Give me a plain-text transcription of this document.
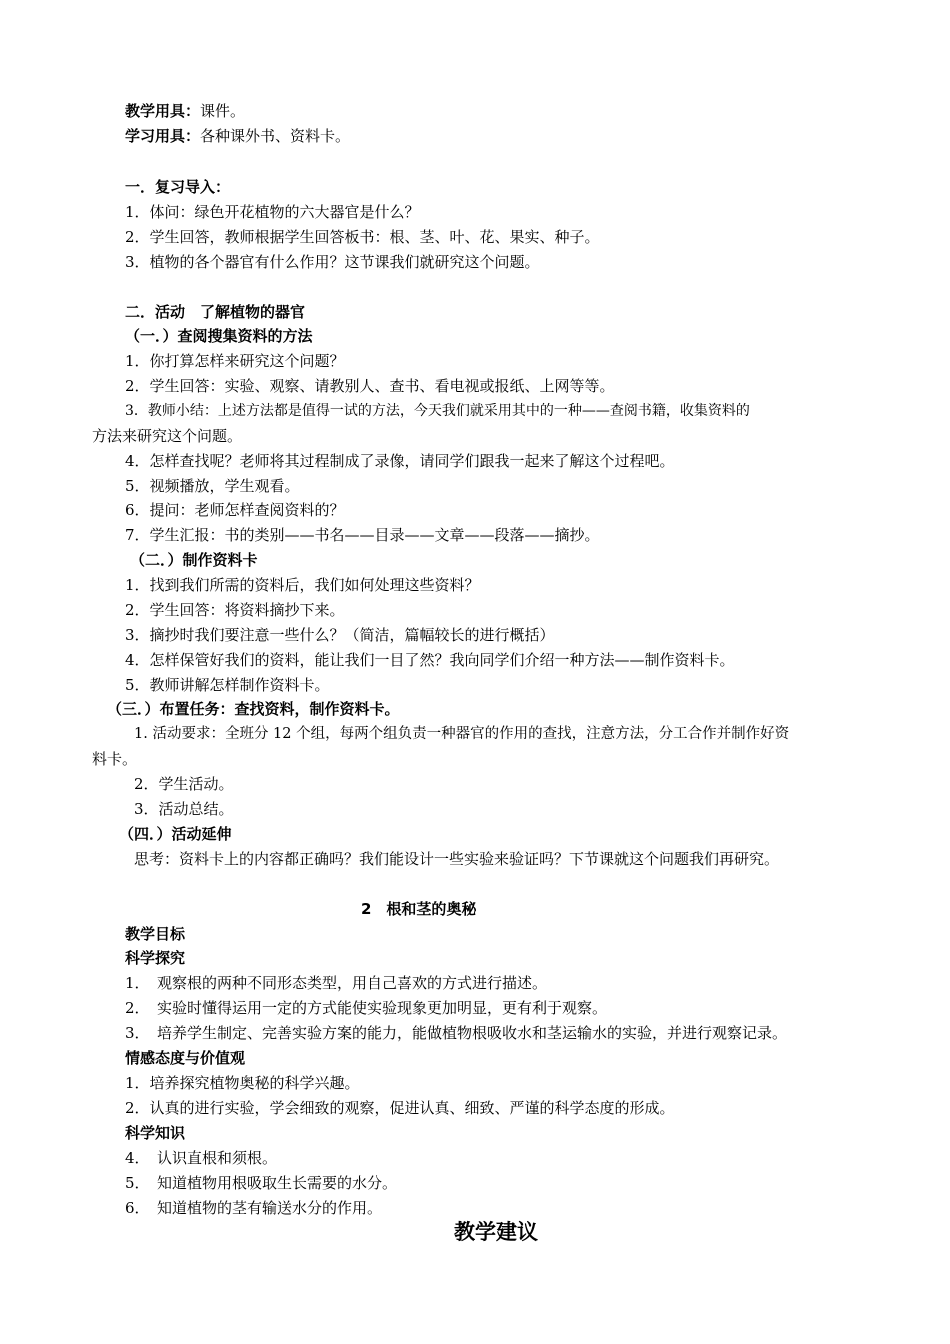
教学用具：课件。
学习用具：各种课外书、资料卡。
一．复习导入：
1．体问：绿色开花植物的六大器官是什么？
2．学生回答，教师根据学生回答板书：根、茎、叶、花、果实、种子。
3．植物的各个器官有什么作用？这节课我们就研究这个问题。
二．活动　了解植物的器官
（一．）查阅搜集资料的方法
1．你打算怎样来研究这个问题？
2．学生回答：实验、观察、请教别人、查书、看电视或报纸、上网等等。
3．教师小结：上述方法都是值得一试的方法，今天我们就采用其中的一种——查阅书籍，收集资料的
方法来研究这个问题。
4．怎样查找呢？老师将其过程制成了录像，请同学们跟我一起来了解这个过程吧。
5．视频播放，学生观看。
6．提问：老师怎样查阅资料的？
7．学生汇报：书的类别——书名——目录——文章——段落——摘抄。
（二．）制作资料卡
1．找到我们所需的资料后，我们如何处理这些资料？
2．学生回答：将资料摘抄下来。
3．摘抄时我们要注意一些什么？（简洁，篇幅较长的进行概括）
4．怎样保管好我们的资料，能让我们一目了然？我向同学们介绍一种方法——制作资料卡。
5．教师讲解怎样制作资料卡。
（三．）布置任务：查找资料，制作资料卡。
1. 活动要求：全班分 12 个组，每两个组负责一种器官的作用的查找，注意方法，分工合作并制作好资
料卡。
2．学生活动。
3．活动总结。
（四．）活动延伸
思考：资料卡上的内容都正确吗？我们能设计一些实验来验证吗？下节课就这个问题我们再研究。
2　根和茎的奥秘
教学目标
科学探究
1．　观察根的两种不同形态类型，用自己喜欢的方式进行描述。
2．　实验时懂得运用一定的方式能使实验现象更加明显，更有利于观察。
3．　培养学生制定、完善实验方案的能力，能做植物根吸收水和茎运输水的实验，并进行观察记录。
情感态度与价值观
1．培养探究植物奥秘的科学兴趣。
2．认真的进行实验，学会细致的观察，促进认真、细致、严谨的科学态度的形成。
科学知识
4．　认识直根和须根。
5．　知道植物用根吸取生长需要的水分。
6．　知道植物的茎有输送水分的作用。
教学建议
